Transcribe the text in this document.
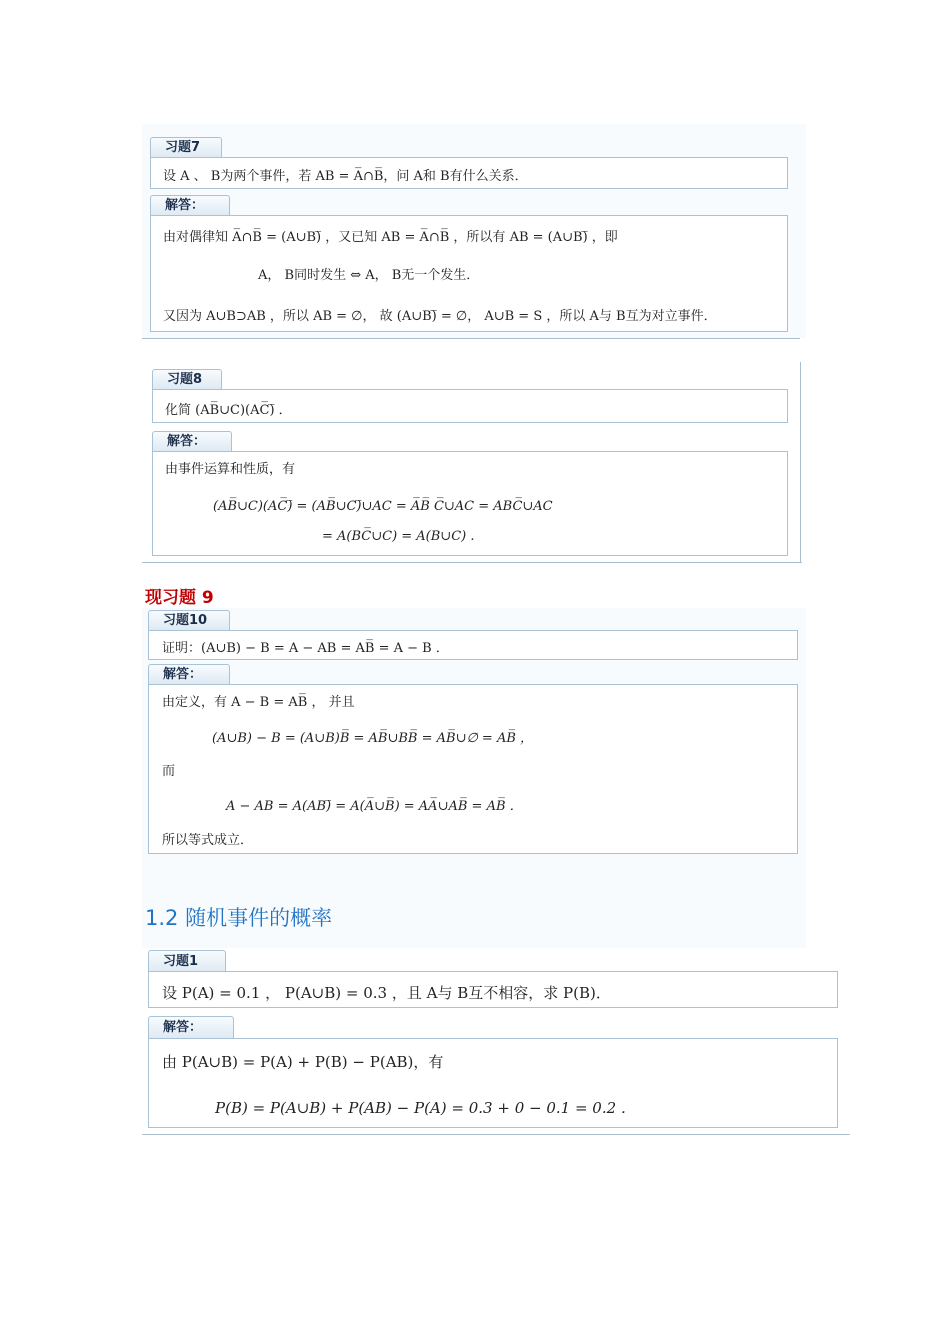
习题7
设 A 、 B为两个事件，若 AB = A̅∩B̅，问 A和 B有什么关系．
解答：
由对偶律知 A̅∩B̅ = (A∪B)̅ ，又已知 AB = A̅∩B̅ ，所以有 AB = (A∪B)̅ ，即
A， B同时发生 ⇔ A， B无一个发生．
又因为 A∪B⊃AB ，所以 AB = ∅， 故 (A∪B)̅ = ∅， A∪B = S ，所以 A与 B互为对立事件．
习题8
化简 (AB̅∪C)(AC̅)̅ ．
解答：
由事件运算和性质，有
(AB̅∪C)(AC̅)̅ = (AB̅∪C)̅∪AC = A̅B̅ C̅∪AC = ABC̅∪AC
= A(BC̅∪C) = A(B∪C) .
现习题 9
习题10
证明：(A∪B) − B = A − AB = AB̅ = A − B ．
解答：
由定义，有 A − B = AB̅ ， 并且
(A∪B) − B = (A∪B)B̅ = AB̅∪BB̅ = AB̅∪∅ = AB̅ ，
而
A − AB = A(AB)̅ = A(A̅∪B̅) = AA̅∪AB̅ = AB̅ ．
所以等式成立．
1.2 随机事件的概率
习题1
设 P(A) = 0.1 ， P(A∪B) = 0.3 ，且 A与 B互不相容，求 P(B)．
解答：
由 P(A∪B) = P(A) + P(B) − P(AB)，有
P(B) = P(A∪B) + P(AB) − P(A) = 0.3 + 0 − 0.1 = 0.2 ．
